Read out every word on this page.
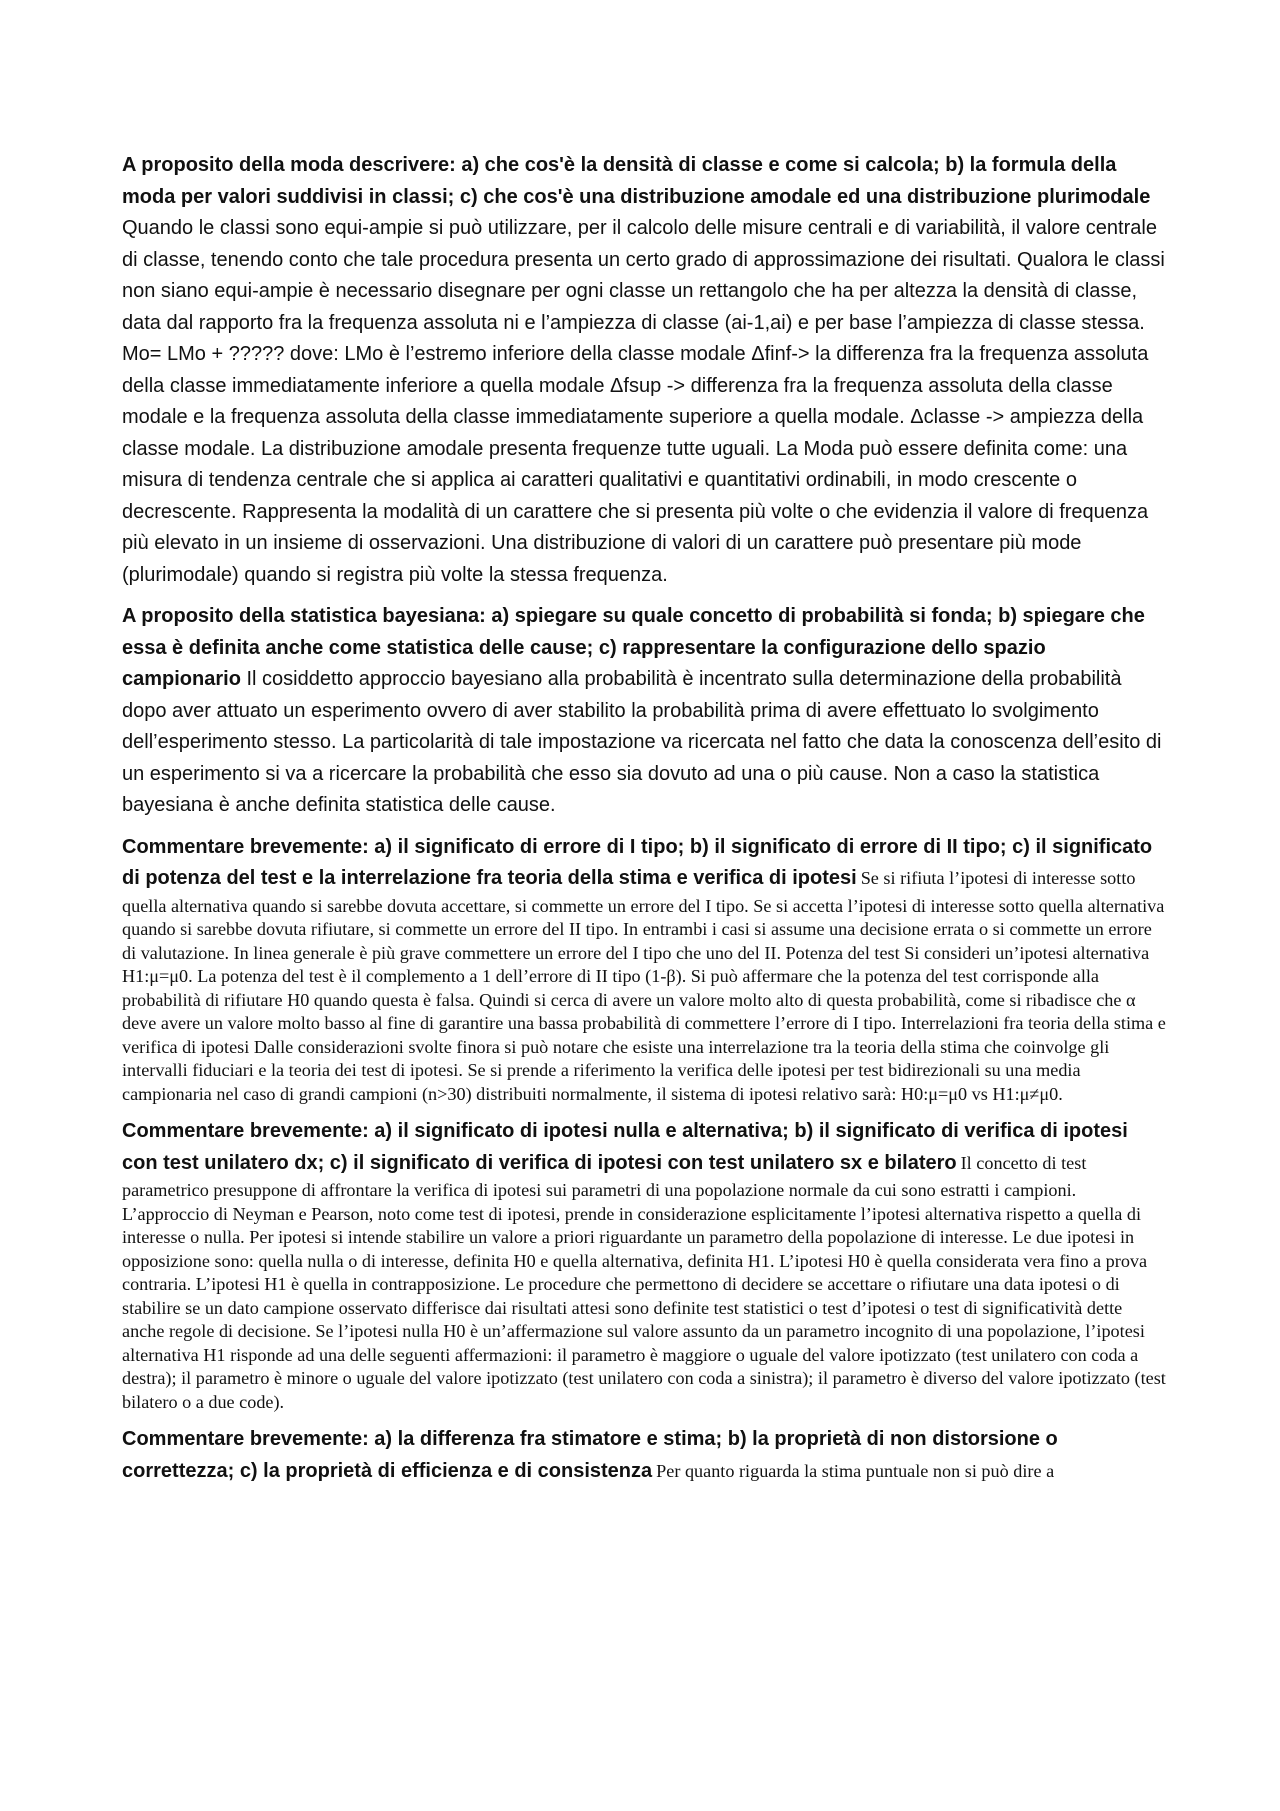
A proposito della moda descrivere: a) che cos'è la densità di classe e come si calcola; b) la formula della moda per valori suddivisi in classi; c) che cos'è una distribuzione amodale ed una distribuzione plurimodale Quando le classi sono equi-ampie si può utilizzare, per il calcolo delle misure centrali e di variabilità, il valore centrale di classe, tenendo conto che tale procedura presenta un certo grado di approssimazione dei risultati. Qualora le classi non siano equi-ampie è necessario disegnare per ogni classe un rettangolo che ha per altezza la densità di classe, data dal rapporto fra la frequenza assoluta ni e l’ampiezza di classe (ai-1,ai) e per base l’ampiezza di classe stessa. Mo= LMo + ????? dove: LMo è l’estremo inferiore della classe modale Δfinf-> la differenza fra la frequenza assoluta della classe immediatamente inferiore a quella modale Δfsup -> differenza fra la frequenza assoluta della classe modale e la frequenza assoluta della classe immediatamente superiore a quella modale. Δclasse -> ampiezza della classe modale. La distribuzione amodale presenta frequenze tutte uguali. La Moda può essere definita come: una misura di tendenza centrale che si applica ai caratteri qualitativi e quantitativi ordinabili, in modo crescente o decrescente. Rappresenta la modalità di un carattere che si presenta più volte o che evidenzia il valore di frequenza più elevato in un insieme di osservazioni. Una distribuzione di valori di un carattere può presentare più mode (plurimodale) quando si registra più volte la stessa frequenza.

A proposito della statistica bayesiana: a) spiegare su quale concetto di probabilità si fonda; b) spiegare che essa è definita anche come statistica delle cause; c) rappresentare la configurazione dello spazio campionario Il cosiddetto approccio bayesiano alla probabilità è incentrato sulla determinazione della probabilità dopo aver attuato un esperimento ovvero di aver stabilito la probabilità prima di avere effettuato lo svolgimento dell’esperimento stesso. La particolarità di tale impostazione va ricercata nel fatto che data la conoscenza dell’esito di un esperimento si va a ricercare la probabilità che esso sia dovuto ad una o più cause. Non a caso la statistica bayesiana è anche definita statistica delle cause.

Commentare brevemente: a) il significato di errore di I tipo; b) il significato di errore di II tipo; c) il significato di potenza del test e la interrelazione fra teoria della stima e verifica di ipotesi Se si rifiuta l’ipotesi di interesse sotto quella alternativa quando si sarebbe dovuta accettare, si commette un errore del I tipo. Se si accetta l’ipotesi di interesse sotto quella alternativa quando si sarebbe dovuta rifiutare, si commette un errore del II tipo. In entrambi i casi si assume una decisione errata o si commette un errore di valutazione. In linea generale è più grave commettere un errore del I tipo che uno del II. Potenza del test Si consideri un’ipotesi alternativa H1:μ=μ0. La potenza del test è il complemento a 1 dell’errore di II tipo (1-β). Si può affermare che la potenza del test corrisponde alla probabilità di rifiutare H0 quando questa è falsa. Quindi si cerca di avere un valore molto alto di questa probabilità, come si ribadisce che α deve avere un valore molto basso al fine di garantire una bassa probabilità di commettere l’errore di I tipo. Interrelazioni fra teoria della stima e verifica di ipotesi Dalle considerazioni svolte finora si può notare che esiste una interrelazione tra la teoria della stima che coinvolge gli intervalli fiduciari e la teoria dei test di ipotesi. Se si prende a riferimento la verifica delle ipotesi per test bidirezionali su una media campionaria nel caso di grandi campioni (n>30) distribuiti normalmente, il sistema di ipotesi relativo sarà: H0:μ=μ0 vs H1:μ≠μ0.

Commentare brevemente: a) il significato di ipotesi nulla e alternativa; b) il significato di verifica di ipotesi con test unilatero dx; c) il significato di verifica di ipotesi con test unilatero sx e bilatero Il concetto di test parametrico presuppone di affrontare la verifica di ipotesi sui parametri di una popolazione normale da cui sono estratti i campioni. L’approccio di Neyman e Pearson, noto come test di ipotesi, prende in considerazione esplicitamente l’ipotesi alternativa rispetto a quella di interesse o nulla. Per ipotesi si intende stabilire un valore a priori riguardante un parametro della popolazione di interesse. Le due ipotesi in opposizione sono: quella nulla o di interesse, definita H0 e quella alternativa, definita H1. L’ipotesi H0 è quella considerata vera fino a prova contraria. L’ipotesi H1 è quella in contrapposizione. Le procedure che permettono di decidere se accettare o rifiutare una data ipotesi o di stabilire se un dato campione osservato differisce dai risultati attesi sono definite test statistici o test d’ipotesi o test di significatività dette anche regole di decisione. Se l’ipotesi nulla H0 è un’affermazione sul valore assunto da un parametro incognito di una popolazione, l’ipotesi alternativa H1 risponde ad una delle seguenti affermazioni: il parametro è maggiore o uguale del valore ipotizzato (test unilatero con coda a destra); il parametro è minore o uguale del valore ipotizzato (test unilatero con coda a sinistra); il parametro è diverso del valore ipotizzato (test bilatero o a due code).

Commentare brevemente: a) la differenza fra stimatore e stima; b) la proprietà di non distorsione o correttezza; c) la proprietà di efficienza e di consistenza Per quanto riguarda la stima puntuale non si può dire a
